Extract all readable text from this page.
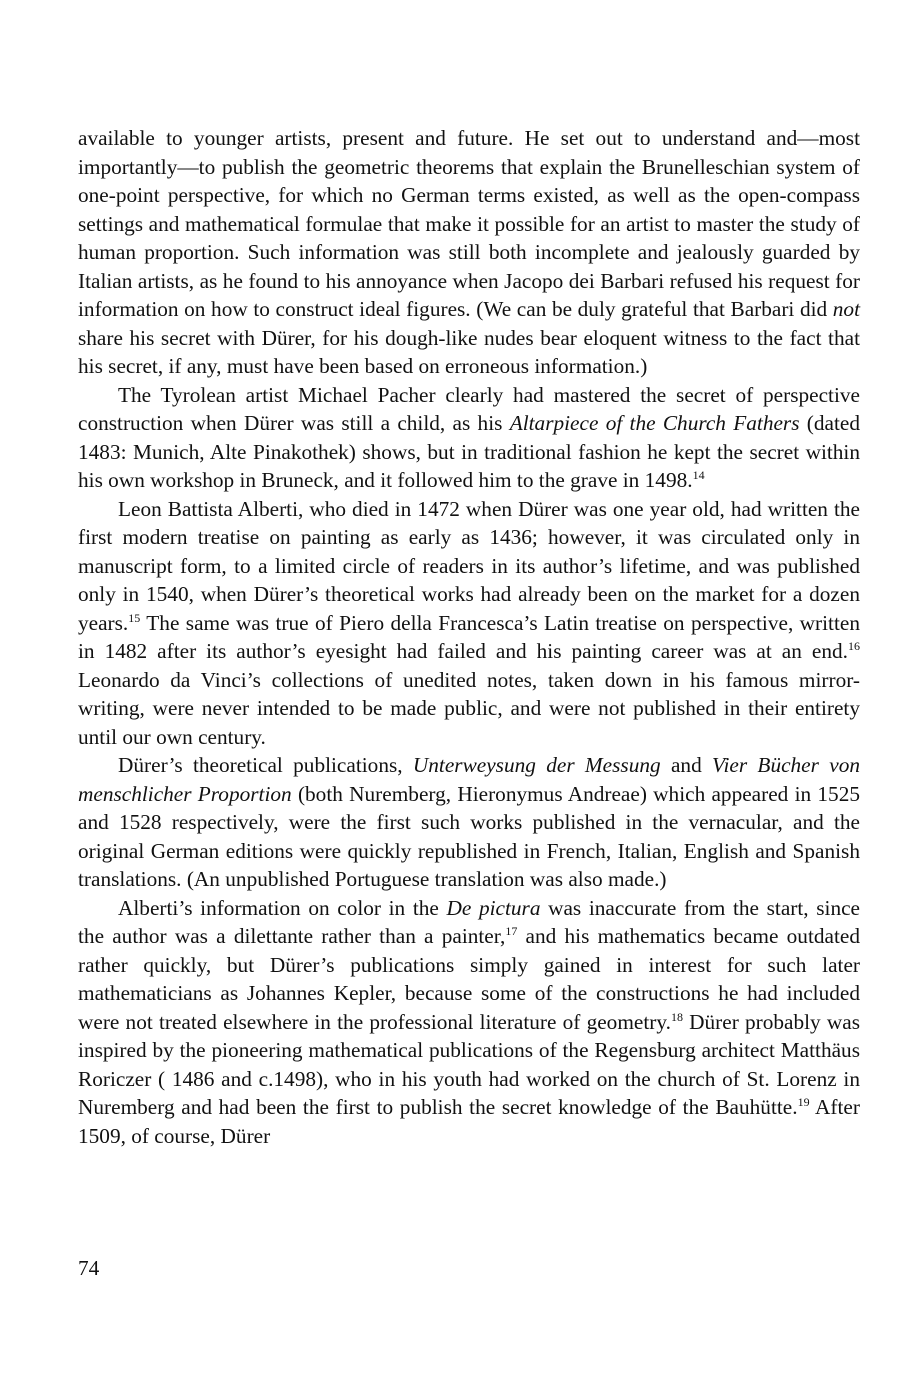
available to younger artists, present and future. He set out to understand and—most importantly—to publish the geometric theorems that explain the Brunelleschian system of one-point perspective, for which no German terms existed, as well as the open-compass settings and mathematical formulae that make it possible for an artist to master the study of human proportion. Such information was still both incomplete and jealously guarded by Italian artists, as he found to his annoyance when Jacopo dei Barbari refused his request for information on how to construct ideal figures. (We can be duly grateful that Barbari did not share his secret with Dürer, for his dough-like nudes bear eloquent witness to the fact that his secret, if any, must have been based on erroneous information.)

The Tyrolean artist Michael Pacher clearly had mastered the secret of perspective construction when Dürer was still a child, as his Altarpiece of the Church Fathers (dated 1483: Munich, Alte Pinakothek) shows, but in traditional fashion he kept the secret within his own workshop in Bruneck, and it followed him to the grave in 1498.14

Leon Battista Alberti, who died in 1472 when Dürer was one year old, had written the first modern treatise on painting as early as 1436; however, it was circulated only in manuscript form, to a limited circle of readers in its author’s lifetime, and was published only in 1540, when Dürer’s theoretical works had already been on the market for a dozen years.$^{15}$ The same was true of Piero della Francesca’s Latin treatise on perspective, written in 1482 after its author’s eyesight had failed and his painting career was at an end.$^{16}$ Leonardo da Vinci’s collections of unedited notes, taken down in his famous mirror-writing, were never intended to be made public, and were not published in their entirety until our own century.

Dürer’s theoretical publications, Unterweysung der Messung and Vier Bücher von menschlicher Proportion (both Nuremberg, Hieronymus Andreae) which appeared in 1525 and 1528 respectively, were the first such works published in the vernacular, and the original German editions were quickly republished in French, Italian, English and Spanish translations. (An unpublished Portuguese translation was also made.)

Alberti’s information on color in the De pictura was inaccurate from the start, since the author was a dilettante rather than a painter,$^{17}$ and his mathematics became outdated rather quickly, but Dürer’s publications simply gained in interest for such later mathematicians as Johannes Kepler, because some of the constructions he had included were not treated elsewhere in the professional literature of geometry.$^{18}$ Dürer probably was inspired by the pioneering mathematical publications of the Regensburg architect Matthäus Roriczer ( 1486 and c.1498), who in his youth had worked on the church of St. Lorenz in Nuremberg and had been the first to publish the secret knowledge of the Bauhütte.$^{19}$ After 1509, of course, Dürer

74
